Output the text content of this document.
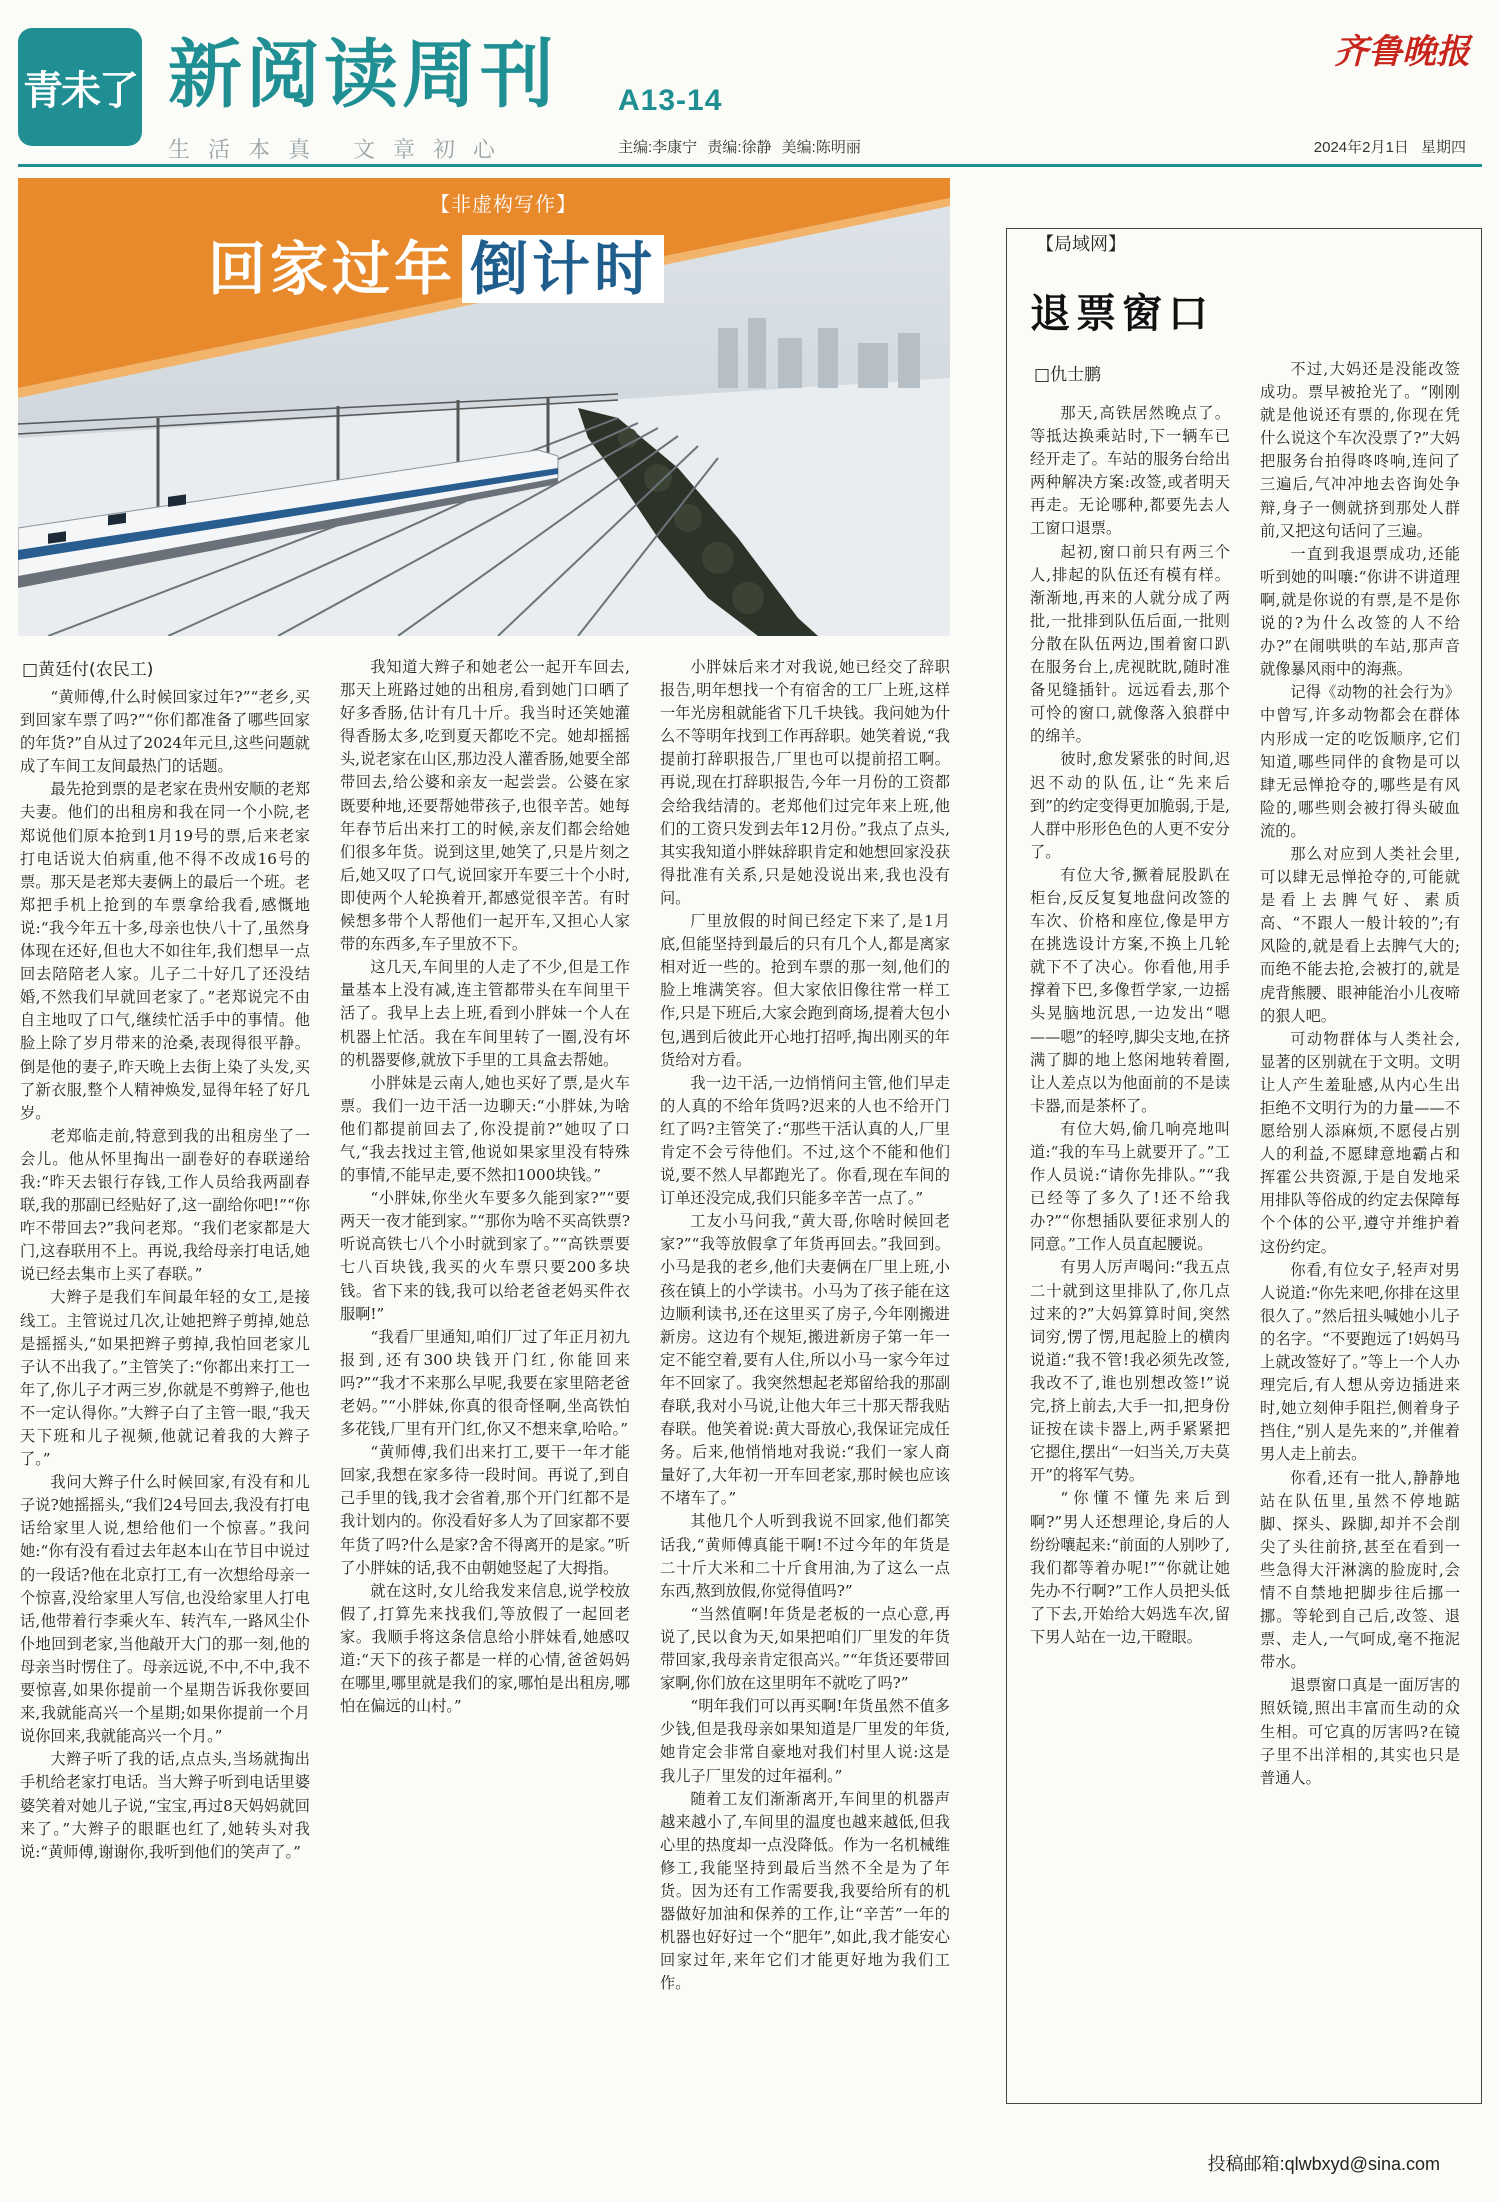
青未了 新阅读周刊 A13-14
齐鲁晚报
生活本真 文章初心	主编:李康宁 责编:徐静 美编:陈明丽	2024年2月1日 星期四
【非虚构写作】
回家过年 倒计时
□黄廷付(农民工)

“黄师傅,什么时候回家过年?”“老乡,买到回家车票了吗?”“你们都准备了哪些回家的年货?”自从过了2024年元旦,这些问题就成了车间工友间最热门的话题。

最先抢到票的是老家在贵州安顺的老郑夫妻。他们的出租房和我在同一个小院,老郑说他们原本抢到1月19号的票,后来老家打电话说大伯病重,他不得不改成16号的票。那天是老郑夫妻俩上的最后一个班。老郑把手机上抢到的车票拿给我看,感慨地说:“我今年五十多,母亲也快八十了,虽然身体现在还好,但也大不如往年,我们想早一点回去陪陪老人家。儿子二十好几了还没结婚,不然我们早就回老家了。”老郑说完不由自主地叹了口气,继续忙活手中的事情。他脸上除了岁月带来的沧桑,表现得很平静。倒是他的妻子,昨天晚上去街上染了头发,买了新衣服,整个人精神焕发,显得年轻了好几岁。

老郑临走前,特意到我的出租房坐了一会儿。他从怀里掏出一副卷好的春联递给我:“昨天去银行存钱,工作人员给我两副春联,我的那副已经贴好了,这一副给你吧!”“你咋不带回去?”我问老郑。“我们老家都是大门,这春联用不上。再说,我给母亲打电话,她说已经去集市上买了春联。”

大辫子是我们车间最年轻的女工,是接线工。主管说过几次,让她把辫子剪掉,她总是摇摇头,“如果把辫子剪掉,我怕回老家儿子认不出我了。”主管笑了:“你都出来打工一年了,你儿子才两三岁,你就是不剪辫子,他也不一定认得你。”大辫子白了主管一眼,“我天天下班和儿子视频,他就记着我的大辫子了。”

我问大辫子什么时候回家,有没有和儿子说?她摇摇头,“我们24号回去,我没有打电话给家里人说,想给他们一个惊喜。”我问她:“你有没有看过去年赵本山在节目中说过的一段话?他在北京打工,有一次想给母亲一个惊喜,没给家里人写信,也没给家里人打电话,他带着行李乘火车、转汽车,一路风尘仆仆地回到老家,当他敲开大门的那一刻,他的母亲当时愣住了。母亲远说,不中,不中,我不要惊喜,如果你提前一个星期告诉我你要回来,我就能高兴一个星期;如果你提前一个月说你回来,我就能高兴一个月。”

大辫子听了我的话,点点头,当场就掏出手机给老家打电话。当大辫子听到电话里婆婆笑着对她儿子说,“宝宝,再过8天妈妈就回来了。”大辫子的眼眶也红了,她转头对我说:“黄师傅,谢谢你,我听到他们的笑声了。”

我知道大辫子和她老公一起开车回去,那天上班路过她的出租房,看到她门口晒了好多香肠,估计有几十斤。我当时还笑她灌得香肠太多,吃到夏天都吃不完。她却摇摇头,说老家在山区,那边没人灌香肠,她要全部带回去,给公婆和亲友一起尝尝。公婆在家既要种地,还要帮她带孩子,也很辛苦。她每年春节后出来打工的时候,亲友们都会给她们很多年货。说到这里,她笑了,只是片刻之后,她又叹了口气,说回家开车要三十个小时,即使两个人轮换着开,都感觉很辛苦。有时候想多带个人帮他们一起开车,又担心人家带的东西多,车子里放不下。

这几天,车间里的人走了不少,但是工作量基本上没有减,连主管都带头在车间里干活了。我早上去上班,看到小胖妹一个人在机器上忙活。我在车间里转了一圈,没有坏的机器要修,就放下手里的工具盒去帮她。

小胖妹是云南人,她也买好了票,是火车票。我们一边干活一边聊天:“小胖妹,为啥他们都提前回去了,你没提前?”她叹了口气,“我去找过主管,他说如果家里没有特殊的事情,不能早走,要不然扣1000块钱。”

“小胖妹,你坐火车要多久能到家?”“要两天一夜才能到家。”“那你为啥不买高铁票?听说高铁七八个小时就到家了。”“高铁票要七八百块钱,我买的火车票只要200多块钱。省下来的钱,我可以给老爸老妈买件衣服啊!”

“我看厂里通知,咱们厂过了年正月初九报到,还有300块钱开门红,你能回来吗?”“我才不来那么早呢,我要在家里陪老爸老妈。”“小胖妹,你真的很奇怪啊,坐高铁怕多花钱,厂里有开门红,你又不想来拿,哈哈。”

“黄师傅,我们出来打工,要干一年才能回家,我想在家多待一段时间。再说了,到自己手里的钱,我才会省着,那个开门红都不是我计划内的。你没看好多人为了回家都不要年货了吗?什么是家?舍不得离开的是家。”听了小胖妹的话,我不由朝她竖起了大拇指。

就在这时,女儿给我发来信息,说学校放假了,打算先来找我们,等放假了一起回老家。我顺手将这条信息给小胖妹看,她感叹道:“天下的孩子都是一样的心情,爸爸妈妈在哪里,哪里就是我们的家,哪怕是出租房,哪怕在偏远的山村。”

小胖妹后来才对我说,她已经交了辞职报告,明年想找一个有宿舍的工厂上班,这样一年光房租就能省下几千块钱。我问她为什么不等明年找到工作再辞职。她笑着说,“我提前打辞职报告,厂里也可以提前招工啊。再说,现在打辞职报告,今年一月份的工资都会给我结清的。老郑他们过完年来上班,他们的工资只发到去年12月份。”我点了点头,其实我知道小胖妹辞职肯定和她想回家没获得批准有关系,只是她没说出来,我也没有问。

厂里放假的时间已经定下来了,是1月底,但能坚持到最后的只有几个人,都是离家相对近一些的。抢到车票的那一刻,他们的脸上堆满笑容。但大家依旧像往常一样工作,只是下班后,大家会跑到商场,提着大包小包,遇到后彼此开心地打招呼,掏出刚买的年货给对方看。

我一边干活,一边悄悄问主管,他们早走的人真的不给年货吗?迟来的人也不给开门红了吗?主管笑了:“那些干活认真的人,厂里肯定不会亏待他们。不过,这个不能和他们说,要不然人早都跑光了。你看,现在车间的订单还没完成,我们只能多辛苦一点了。”

工友小马问我,“黄大哥,你啥时候回老家?”“我等放假拿了年货再回去。”我回到。小马是我的老乡,他们夫妻俩在厂里上班,小孩在镇上的小学读书。小马为了孩子能在这边顺利读书,还在这里买了房子,今年刚搬进新房。这边有个规矩,搬进新房子第一年一定不能空着,要有人住,所以小马一家今年过年不回家了。我突然想起老郑留给我的那副春联,我对小马说,让他大年三十那天帮我贴春联。他笑着说:黄大哥放心,我保证完成任务。后来,他悄悄地对我说:“我们一家人商量好了,大年初一开车回老家,那时候也应该不堵车了。”

其他几个人听到我说不回家,他们都笑话我,“黄师傅真能干啊!不过今年的年货是二十斤大米和二十斤食用油,为了这么一点东西,熬到放假,你觉得值吗?”

“当然值啊!年货是老板的一点心意,再说了,民以食为天,如果把咱们厂里发的年货带回家,我母亲肯定很高兴。”“年货还要带回家啊,你们放在这里明年不就吃了吗?”

“明年我们可以再买啊!年货虽然不值多少钱,但是我母亲如果知道是厂里发的年货,她肯定会非常自豪地对我们村里人说:这是我儿子厂里发的过年福利。”

随着工友们渐渐离开,车间里的机器声越来越小了,车间里的温度也越来越低,但我心里的热度却一点没降低。作为一名机械维修工,我能坚持到最后当然不全是为了年货。因为还有工作需要我,我要给所有的机器做好加油和保养的工作,让“辛苦”一年的机器也好好过一个“肥年”,如此,我才能安心回家过年,来年它们才能更好地为我们工作。

【局域网】
退票窗口
□仇士鹏

那天,高铁居然晚点了。等抵达换乘站时,下一辆车已经开走了。车站的服务台给出两种解决方案:改签,或者明天再走。无论哪种,都要先去人工窗口退票。

起初,窗口前只有两三个人,排起的队伍还有模有样。渐渐地,再来的人就分成了两批,一批排到队伍后面,一批则分散在队伍两边,围着窗口趴在服务台上,虎视眈眈,随时准备见缝插针。远远看去,那个可怜的窗口,就像落入狼群中的绵羊。

彼时,愈发紧张的时间,迟迟不动的队伍,让“先来后到”的约定变得更加脆弱,于是,人群中形形色色的人更不安分了。

有位大爷,撅着屁股趴在柜台,反反复复地盘问改签的车次、价格和座位,像是甲方在挑选设计方案,不换上几轮就下不了决心。你看他,用手撑着下巴,多像哲学家,一边摇头晃脑地沉思,一边发出“嗯——嗯”的轻哼,脚尖支地,在挤满了脚的地上悠闲地转着圈,让人差点以为他面前的不是读卡器,而是茶杯了。

有位大妈,偷几响亮地叫道:“我的车马上就要开了。”工作人员说:“请你先排队。”“我已经等了多久了!还不给我办?”“你想插队要征求别人的同意。”工作人员直起腰说。

有男人厉声喝问:“我五点二十就到这里排队了,你几点过来的?”大妈算算时间,突然词穷,愣了愣,甩起脸上的横肉说道:“我不管!我必须先改签,我改不了,谁也别想改签!”说完,挤上前去,大手一扣,把身份证按在读卡器上,两手紧紧把它摁住,摆出“一妇当关,万夫莫开”的将军气势。

“你懂不懂先来后到啊?”男人还想理论,身后的人纷纷嚷起来:“前面的人别吵了,我们都等着办呢!”“你就让她先办不行啊?”工作人员把头低了下去,开始给大妈选车次,留下男人站在一边,干瞪眼。

不过,大妈还是没能改签成功。票早被抢光了。“刚刚就是他说还有票的,你现在凭什么说这个车次没票了?”大妈把服务台拍得咚咚响,连问了三遍后,气冲冲地去咨询处争辩,身子一侧就挤到那处人群前,又把这句话问了三遍。

一直到我退票成功,还能听到她的叫嚷:“你讲不讲道理啊,就是你说的有票,是不是你说的?为什么改签的人不给办?”在闹哄哄的车站,那声音就像暴风雨中的海燕。

记得《动物的社会行为》中曾写,许多动物都会在群体内形成一定的吃饭顺序,它们知道,哪些同伴的食物是可以肆无忌惮抢夺的,哪些是有风险的,哪些则会被打得头破血流的。

那么对应到人类社会里,可以肆无忌惮抢夺的,可能就是看上去脾气好、素质高、“不跟人一般计较的”;有风险的,就是看上去脾气大的;而绝不能去抢,会被打的,就是虎背熊腰、眼神能治小儿夜啼的狠人吧。

可动物群体与人类社会,显著的区别就在于文明。文明让人产生羞耻感,从内心生出拒绝不文明行为的力量——不愿给别人添麻烦,不愿侵占别人的利益,不愿肆意地霸占和挥霍公共资源,于是自发地采用排队等俗成的约定去保障每个个体的公平,遵守并维护着这份约定。

你看,有位女子,轻声对男人说道:“你先来吧,你排在这里很久了。”然后扭头喊她小儿子的名字。“不要跑远了!妈妈马上就改签好了。”等上一个人办理完后,有人想从旁边插进来时,她立刻伸手阻拦,侧着身子挡住,“别人是先来的”,并催着男人走上前去。

你看,还有一批人,静静地站在队伍里,虽然不停地踮脚、探头、跺脚,却并不会削尖了头往前挤,甚至在看到一些急得大汗淋漓的脸庞时,会情不自禁地把脚步往后挪一挪。等轮到自己后,改签、退票、走人,一气呵成,毫不拖泥带水。

退票窗口真是一面厉害的照妖镜,照出丰富而生动的众生相。可它真的厉害吗?在镜子里不出洋相的,其实也只是普通人。

投稿邮箱:qlwbxyd@sina.com
